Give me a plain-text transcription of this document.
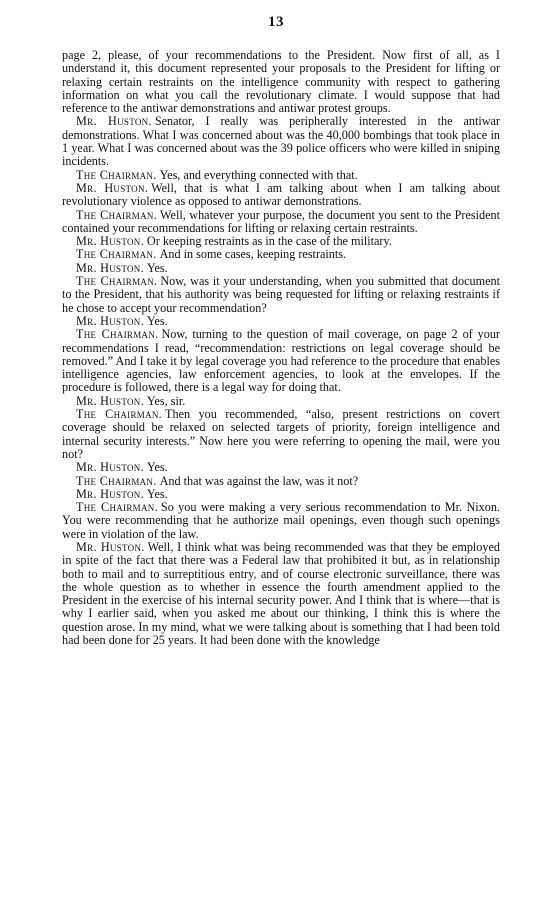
13

page 2, please, of your recommendations to the President. Now first of all, as I understand it, this document represented your proposals to the President for lifting or relaxing certain restraints on the intelligence community with respect to gathering information on what you call the revolutionary climate. I would suppose that had reference to the antiwar demonstrations and antiwar protest groups.

Mr. Huston. Senator, I really was peripherally interested in the antiwar demonstrations. What I was concerned about was the 40,000 bombings that took place in 1 year. What I was concerned about was the 39 police officers who were killed in sniping incidents.

The Chairman. Yes, and everything connected with that.

Mr. Huston. Well, that is what I am talking about when I am talking about revolutionary violence as opposed to antiwar demonstrations.

The Chairman. Well, whatever your purpose, the document you sent to the President contained your recommendations for lifting or relaxing certain restraints.

Mr. Huston. Or keeping restraints as in the case of the military.

The Chairman. And in some cases, keeping restraints.

Mr. Huston. Yes.

The Chairman. Now, was it your understanding, when you submitted that document to the President, that his authority was being requested for lifting or relaxing restraints if he chose to accept your recommendation?

Mr. Huston. Yes.

The Chairman. Now, turning to the question of mail coverage, on page 2 of your recommendations I read, “recommendation: restrictions on legal coverage should be removed.” And I take it by legal coverage you had reference to the procedure that enables intelligence agencies, law enforcement agencies, to look at the envelopes. If the procedure is followed, there is a legal way for doing that.

Mr. Huston. Yes, sir.

The Chairman. Then you recommended, “also, present restrictions on covert coverage should be relaxed on selected targets of priority, foreign intelligence and internal security interests.” Now here you were referring to opening the mail, were you not?

Mr. Huston. Yes.

The Chairman. And that was against the law, was it not?

Mr. Huston. Yes.

The Chairman. So you were making a very serious recommendation to Mr. Nixon. You were recommending that he authorize mail openings, even though such openings were in violation of the law.

Mr. Huston. Well, I think what was being recommended was that they be employed in spite of the fact that there was a Federal law that prohibited it but, as in relationship both to mail and to surreptitious entry, and of course electronic surveillance, there was the whole question as to whether in essence the fourth amendment applied to the President in the exercise of his internal security power. And I think that is where—that is why I earlier said, when you asked me about our thinking, I think this is where the question arose. In my mind, what we were talking about is something that I had been told had been done for 25 years. It had been done with the knowledge
